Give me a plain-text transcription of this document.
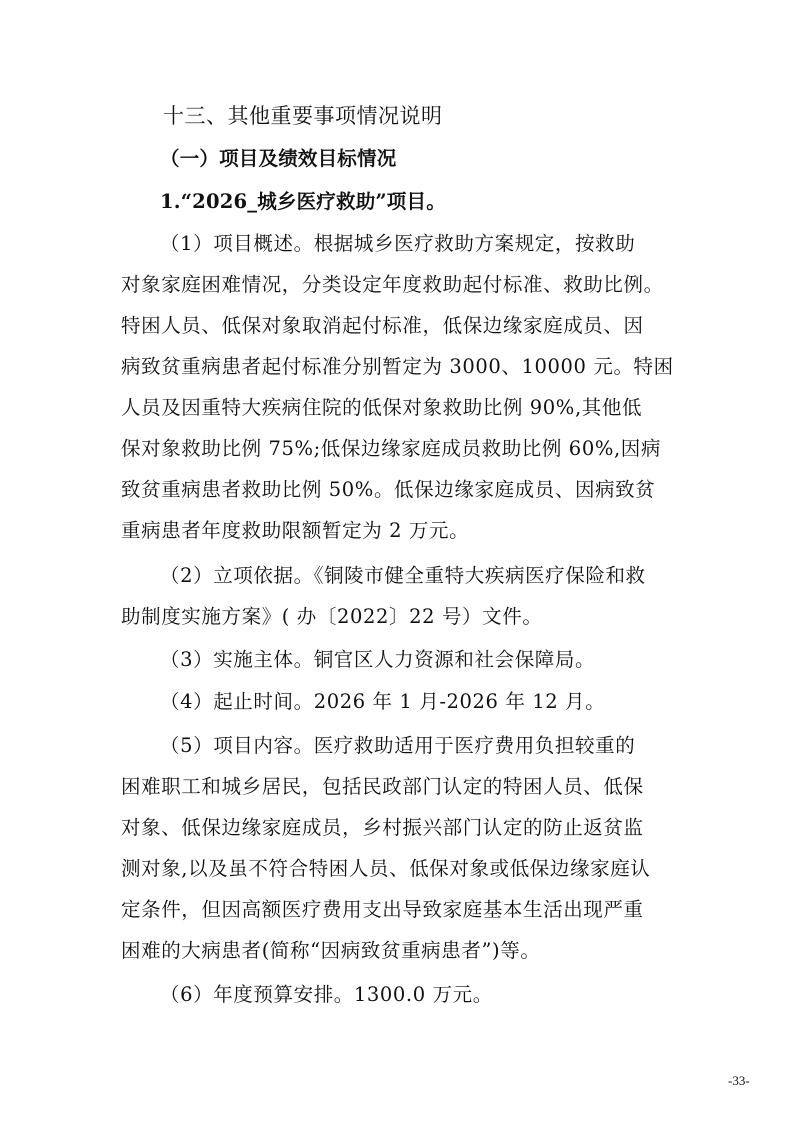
十三、其他重要事项情况说明
（一）项目及绩效目标情况
1.“2026_城乡医疗救助”项目。
（1）项目概述。根据城乡医疗救助方案规定，按救助
对象家庭困难情况，分类设定年度救助起付标准、救助比例。
特困人员、低保对象取消起付标准，低保边缘家庭成员、因
病致贫重病患者起付标准分别暂定为 3000、10000 元。特困
人员及因重特大疾病住院的低保对象救助比例 90%,其他低
保对象救助比例 75%;低保边缘家庭成员救助比例 60%,因病
致贫重病患者救助比例 50%。低保边缘家庭成员、因病致贫
重病患者年度救助限额暂定为 2 万元。
（2）立项依据。《铜陵市健全重特大疾病医疗保险和救
助制度实施方案》( 办〔2022〕22 号）文件。
（3）实施主体。铜官区人力资源和社会保障局。
（4）起止时间。2026 年 1 月-2026 年 12 月。
（5）项目内容。医疗救助适用于医疗费用负担较重的
困难职工和城乡居民，包括民政部门认定的特困人员、低保
对象、低保边缘家庭成员，乡村振兴部门认定的防止返贫监
测对象,以及虽不符合特困人员、低保对象或低保边缘家庭认
定条件，但因高额医疗费用支出导致家庭基本生活出现严重
困难的大病患者(简称“因病致贫重病患者”)等。
（6）年度预算安排。1300.0 万元。
-33-
